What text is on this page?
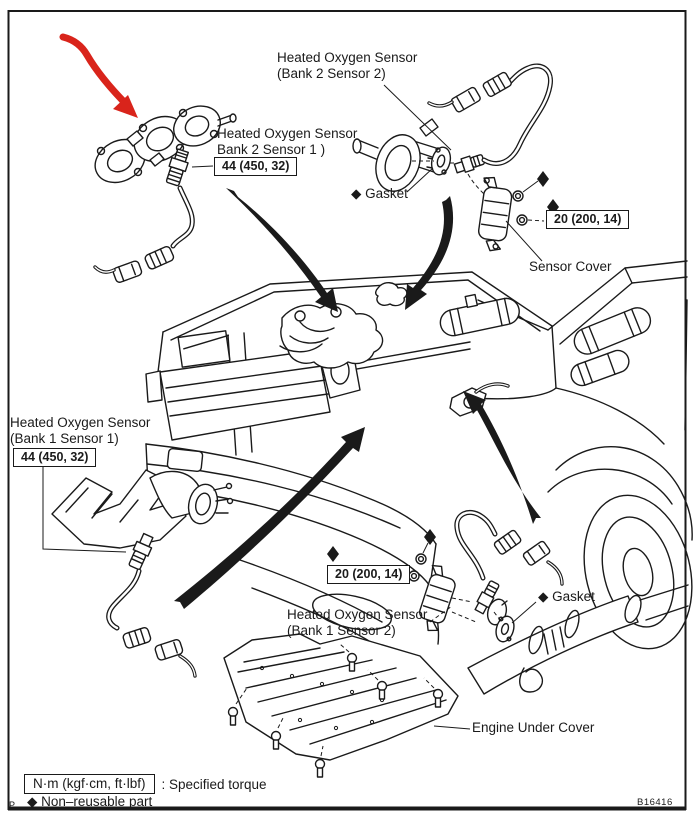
Heated Oxygen Sensor
(Bank 2 Sensor 2)
Heated Oxygen Sensor
Bank 2 Sensor 1 )
44 (450, 32)
◆ Gasket
20 (200, 14)
Sensor Cover
Heated Oxygen Sensor
(Bank 1 Sensor 1)
44 (450, 32)
20 (200, 14)
◆ Gasket
Heated Oxygen Sensor
(Bank 1 Sensor 2)
Engine Under Cover
N·m (kgf·cm, ft·lbf)	: Specified torque
◆ Non–reusable part	B16416
P
